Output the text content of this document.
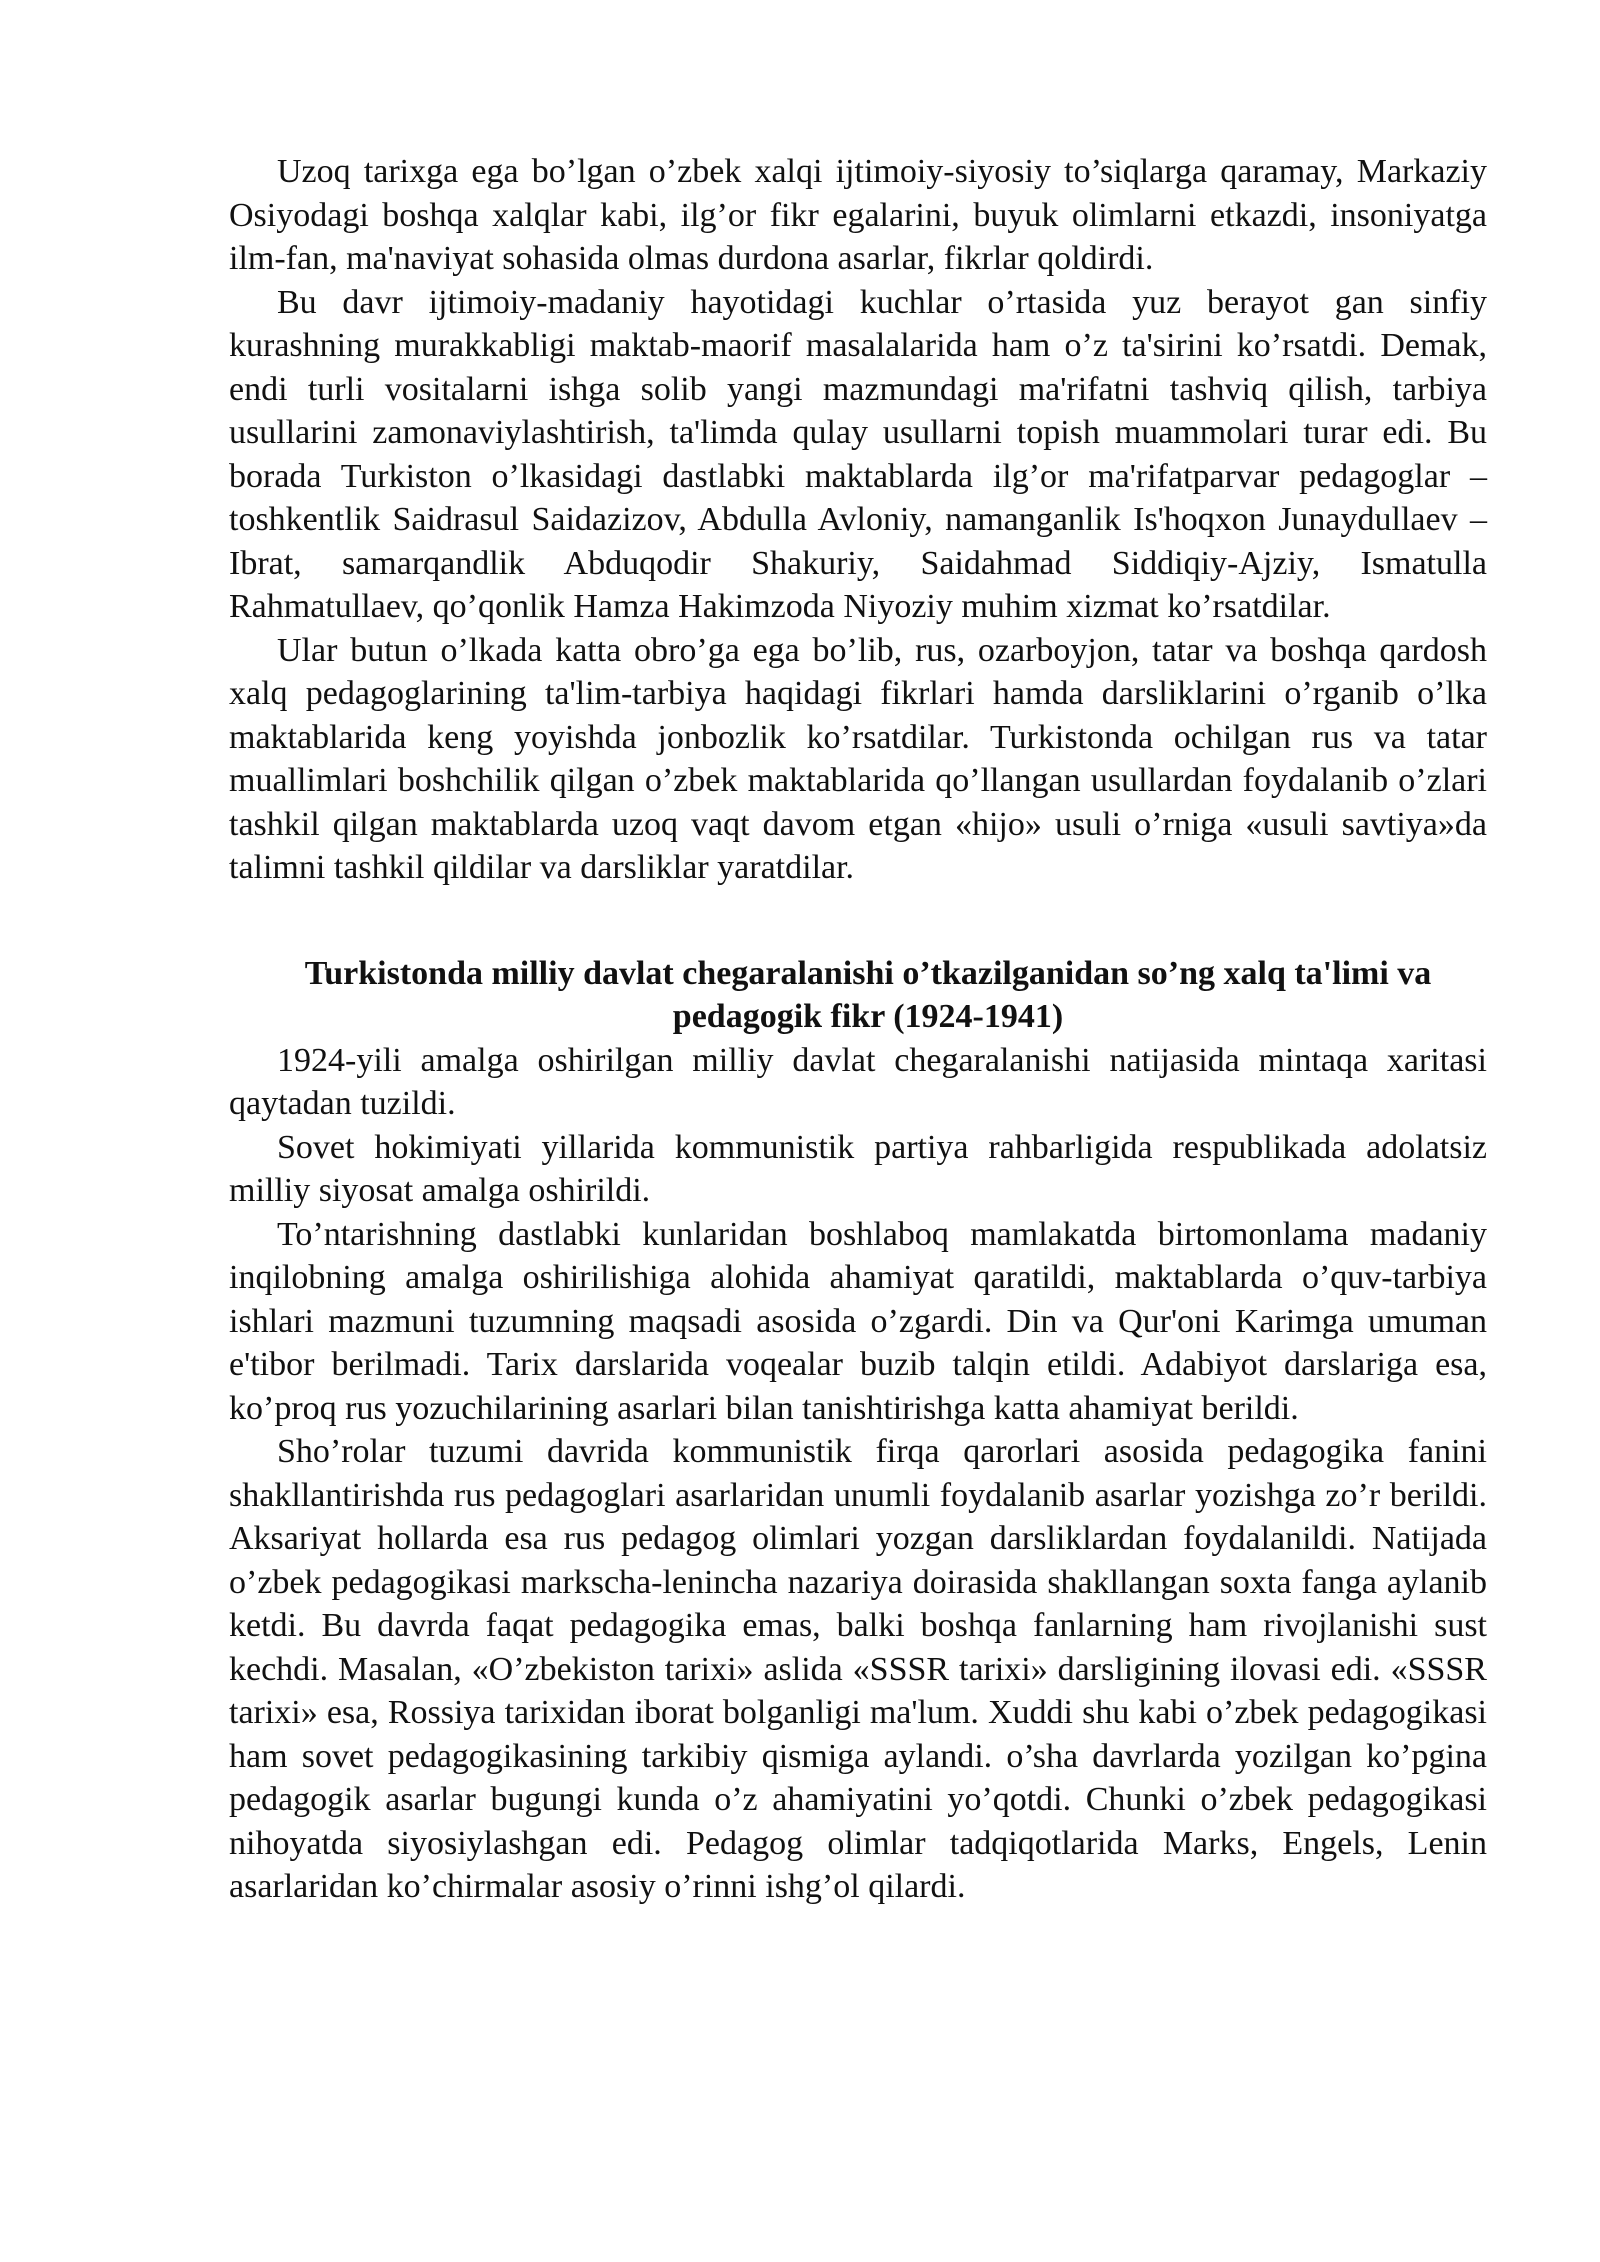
Uzoq tarixga ega bo’lgan o’zbek xalqi ijtimoiy-siyosiy to’siqlarga qaramay, Markaziy Osiyodagi boshqa xalqlar kabi, ilg’or fikr egalarini, buyuk olimlarni etkazdi, insoniyatga ilm-fan, ma'naviyat sohasida olmas durdona asarlar, fikrlar qoldirdi.

Bu davr ijtimoiy-madaniy hayotidagi kuchlar o’rtasida yuz berayot gan sinfiy kurashning murakkabligi maktab-maorif masalalarida ham o’z ta'sirini ko’rsatdi. Demak, endi turli vositalarni ishga solib yangi mazmundagi ma'rifatni tashviq qilish, tarbiya usullarini zamonaviylashtirish, ta'limda qulay usullarni topish muammolari turar edi. Bu borada Turkiston o’lkasidagi dastlabki maktablarda ilg’or ma'rifatparvar pedagoglar – toshkentlik Saidrasul Saidazizov, Abdulla Avloniy, namanganlik Is'hoqxon Junaydullaev – Ibrat, samarqandlik Abduqodir Shakuriy, Saidahmad Siddiqiy-Ajziy, Ismatulla Rahmatullaev, qo’qonlik Hamza Hakimzoda Niyoziy muhim xizmat ko’rsatdilar.

Ular butun o’lkada katta obro’ga ega bo’lib, rus, ozarboyjon, tatar va boshqa qardosh xalq pedagoglarining ta'lim-tarbiya haqidagi fikrlari hamda darsliklarini o’rganib o’lka maktablarida keng yoyishda jonbozlik ko’rsatdilar. Turkistonda ochilgan rus va tatar muallimlari boshchilik qilgan o’zbek maktablarida qo’llangan usullardan foydalanib o’zlari tashkil qilgan maktablarda uzoq vaqt davom etgan «hijo» usuli o’rniga «usuli savtiya»da talimni tashkil qildilar va darsliklar yaratdilar.

Turkistonda milliy davlat chegaralanishi o’tkazilganidan so’ng xalq ta'limi va pedagogik fikr (1924-1941)

1924-yili amalga oshirilgan milliy davlat chegaralanishi natijasida mintaqa xaritasi qaytadan tuzildi.

Sovet hokimiyati yillarida kommunistik partiya rahbarligida respublikada adolatsiz milliy siyosat amalga oshirildi.

To’ntarishning dastlabki kunlaridan boshlaboq mamlakatda birtomonlama madaniy inqilobning amalga oshirilishiga alohida ahamiyat qaratildi, maktablarda o’quv-tarbiya ishlari mazmuni tuzumning maqsadi asosida o’zgardi. Din va Qur'oni Karimga umuman e'tibor berilmadi. Tarix darslarida voqealar buzib talqin etildi. Adabiyot darslariga esa, ko’proq rus yozuchilarining asarlari bilan tanishtirishga katta ahamiyat berildi.

Sho’rolar tuzumi davrida kommunistik firqa qarorlari asosida pedagogika fanini shakllantirishda rus pedagoglari asarlaridan unumli foydalanib asarlar yozishga zo’r berildi. Aksariyat hollarda esa rus pedagog olimlari yozgan darsliklardan foydalanildi. Natijada o’zbek pedagogikasi markscha-lenincha nazariya doirasida shakllangan soxta fanga aylanib ketdi. Bu davrda faqat pedagogika emas, balki boshqa fanlarning ham rivojlanishi sust kechdi. Masalan, «O’zbekiston tarixi» aslida «SSSR tarixi» darsligining ilovasi edi. «SSSR tarixi» esa, Rossiya tarixidan iborat bolganligi ma'lum. Xuddi shu kabi o’zbek pedagogikasi ham sovet pedagogikasining tarkibiy qismiga aylandi. o’sha davrlarda yozilgan ko’pgina pedagogik asarlar bugungi kunda o’z ahamiyatini yo’qotdi. Chunki o’zbek pedagogikasi nihoyatda siyosiylashgan edi. Pedagog olimlar tadqiqotlarida Marks, Engels, Lenin asarlaridan ko’chirmalar asosiy o’rinni ishg’ol qilardi.
